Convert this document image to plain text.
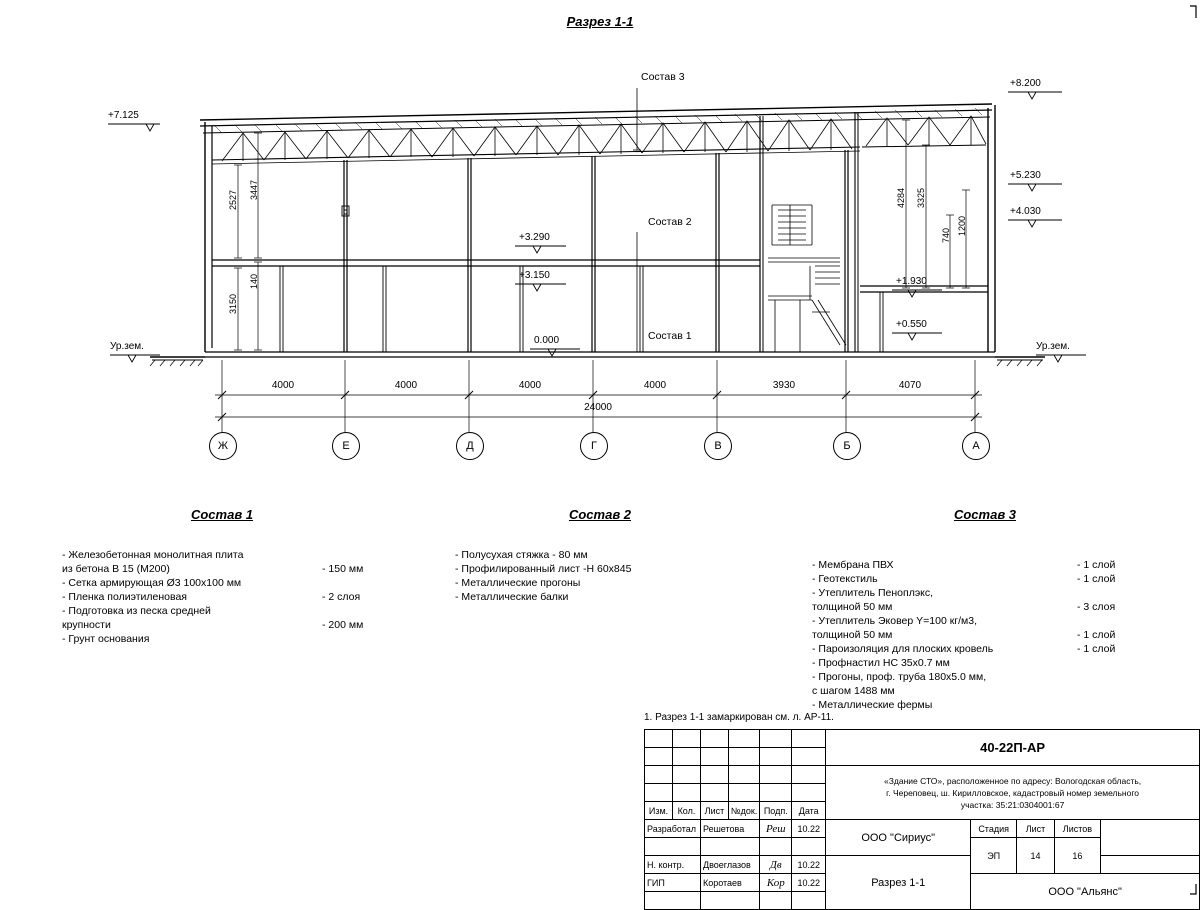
Разрез 1-1
Состав 3
Состав 2
Состав 1
+7.125
+8.200
+5.230
+4.030
+3.290
+3.150
+1.930
+0.550
0.000
Ур.зем.	Ур.зем.
2527 3447
3150
140
4284 3325
740 1200
4000	4000	4000	4000	3930	4070
24000
Ж	Е	Д	Г	В	Б	А
Состав 1	Состав 2	Состав 3
- Железобетонная монолитная плита
из бетона В 15 (М200)	- 150 мм
- Сетка армирующая Ø3 100х100 мм
- Пленка полиэтиленовая	- 2 слоя
- Подготовка из песка средней
крупности	- 200 мм
- Грунт основания
- Полусухая стяжка - 80 мм
- Профилированный лист -Н 60х845
- Металлические прогоны
- Металлические балки
- Мембрана ПВХ	- 1 слой
- Геотекстиль	- 1 слой
- Утеплитель Пеноплэкс,
толщиной 50 мм	- 3 слоя
- Утеплитель Эковер Y=100 кг/м3,
толщиной 50 мм	- 1 слой
- Пароизоляция для плоских кровель	- 1 слой
- Профнастил НС 35х0.7 мм
- Прогоны, проф. труба 180х5.0 мм,
с шагом 1488 мм
- Металлические фермы
1. Разрез 1-1 замаркирован см. л. АР-11.
						40-22П-АР				

						«Здание СТО», расположенное по адресу: Вологодская область,
г. Череповец, ш. Кирилловское, кадастровый номер земельного
участка: 35:21:0304001:67				

Изм.	Кол.	Лист	№док.	Подп.	Дата					
Разработал		Решетова		Реш	10.22	ООО "Сириус"	Стадия	Лист	Листов	
							ЭП	14	16	
Н. контр.		Двоеглазов		Дв	10.22	Разрез 1-1				
ГИП		Коротаев		Кор	10.22		ООО "Альянс"			
